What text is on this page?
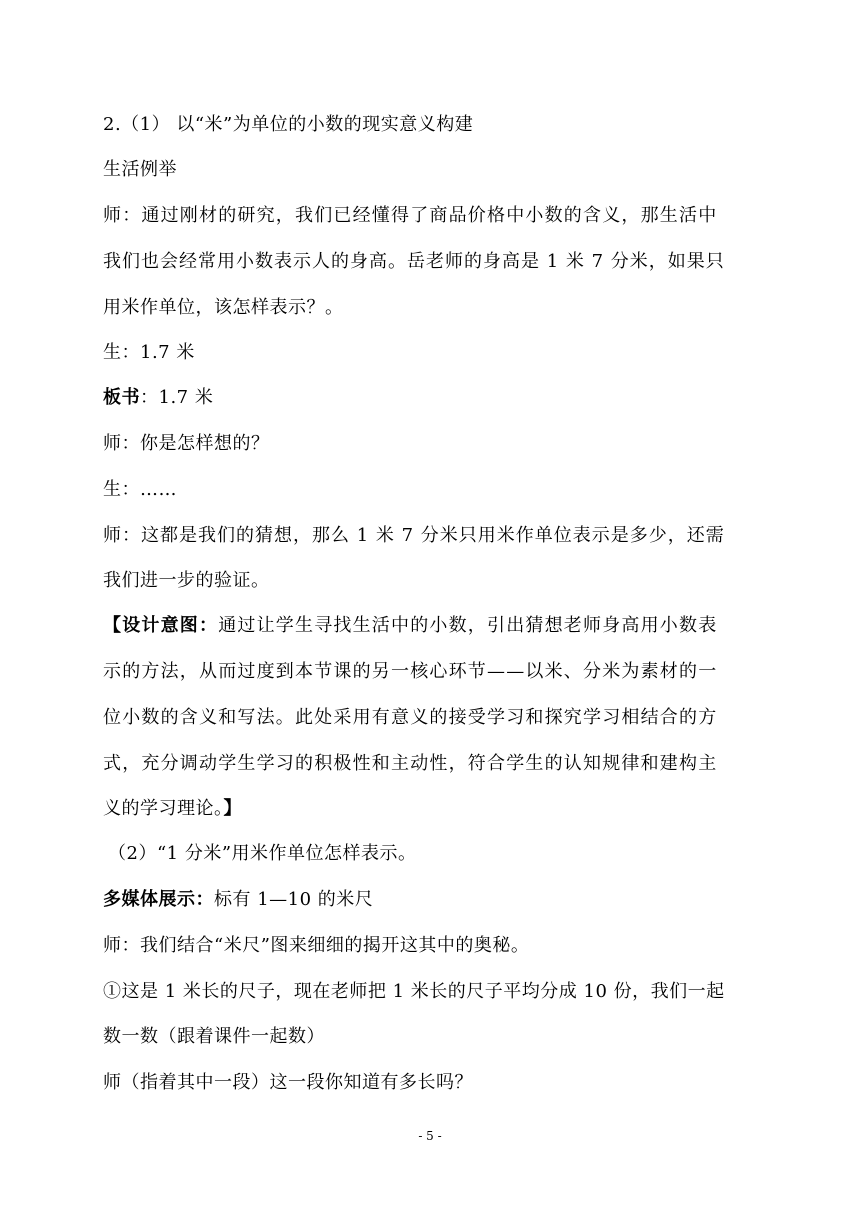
2.（1） 以“米”为单位的小数的现实意义构建
生活例举
师：通过刚材的研究，我们已经懂得了商品价格中小数的含义，那生活中
我们也会经常用小数表示人的身高。岳老师的身高是 1 米 7 分米，如果只
用米作单位，该怎样表示？。
生：1.7 米
板书：1.7 米
师：你是怎样想的？
生：……
师：这都是我们的猜想，那么 1 米 7 分米只用米作单位表示是多少，还需
我们进一步的验证。
【设计意图：通过让学生寻找生活中的小数，引出猜想老师身高用小数表
示的方法，从而过度到本节课的另一核心环节——以米、分米为素材的一
位小数的含义和写法。此处采用有意义的接受学习和探究学习相结合的方
式，充分调动学生学习的积极性和主动性，符合学生的认知规律和建构主
义的学习理论。】
（2）“1 分米”用米作单位怎样表示。
多媒体展示：标有 1—10 的米尺
师：我们结合“米尺”图来细细的揭开这其中的奥秘。
①这是 1 米长的尺子，现在老师把 1 米长的尺子平均分成 10 份，我们一起
数一数（跟着课件一起数）
师（指着其中一段）这一段你知道有多长吗？
- 5 -
